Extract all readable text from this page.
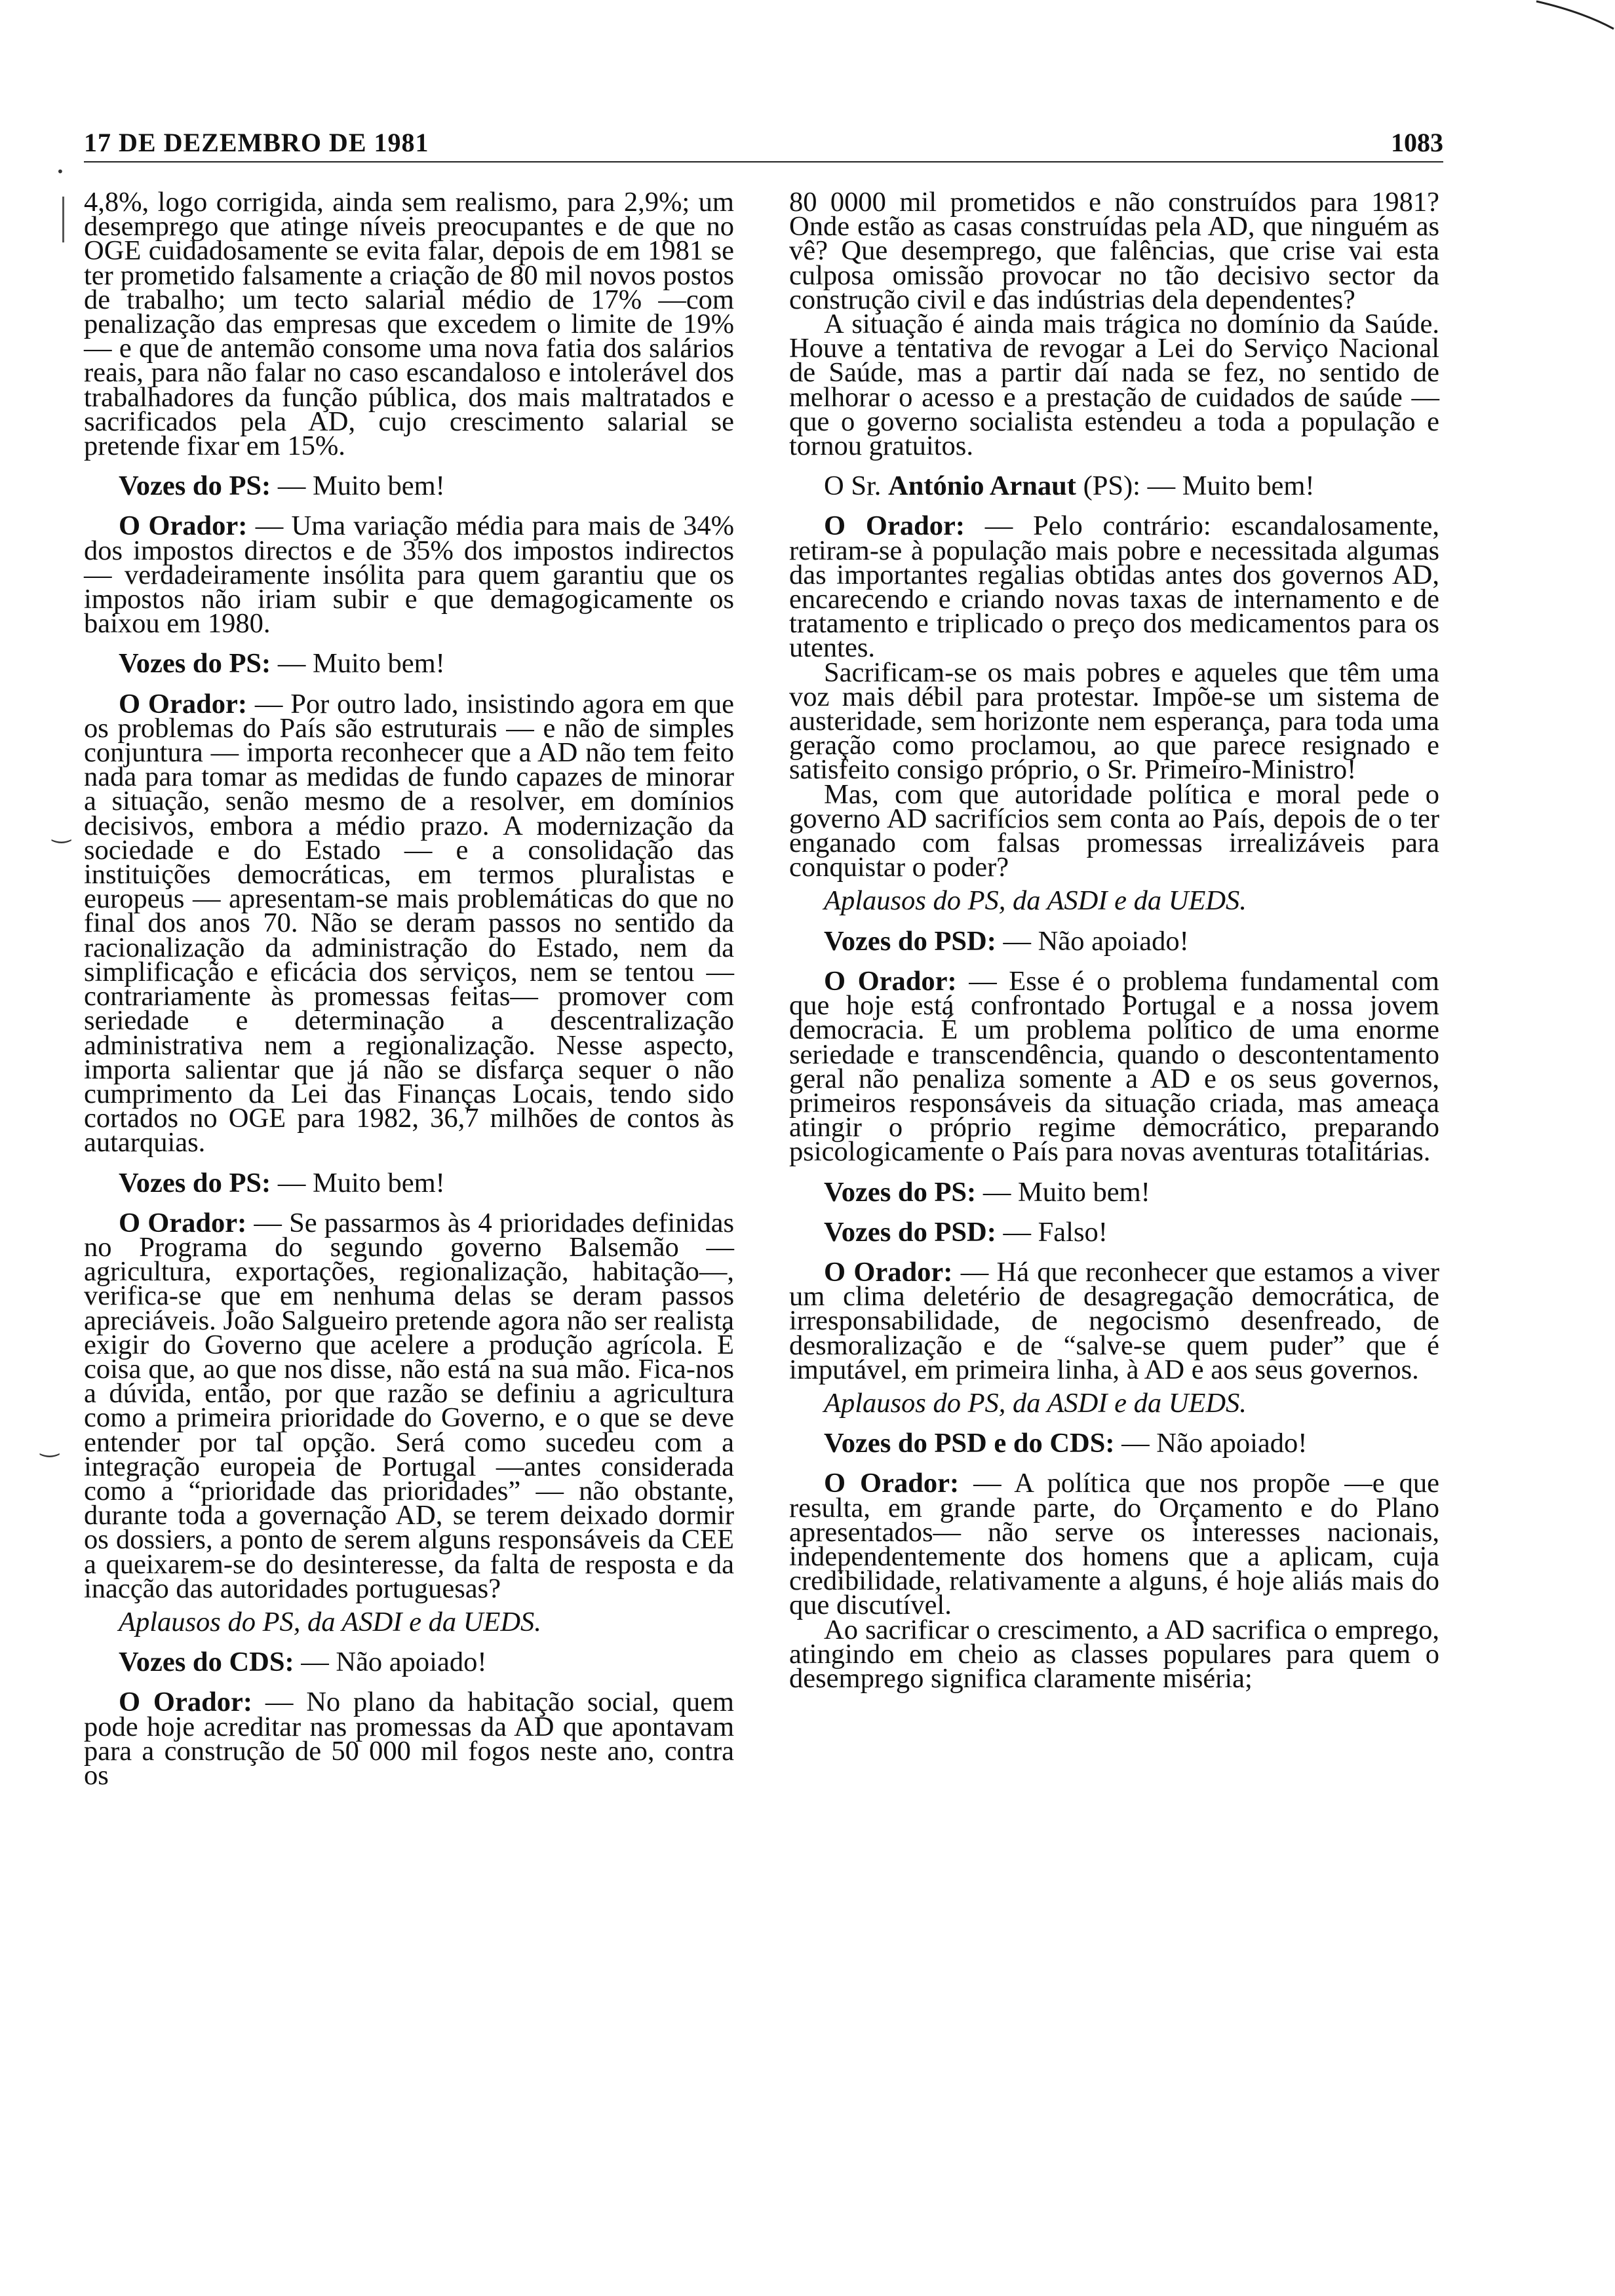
•
‿
‿
17 DE DEZEMBRO DE 1981	1083

4,8%, logo corrigida, ainda sem realismo, para 2,9%; um desemprego que atinge níveis preocupantes e de que no OGE cuidadosamente se evita falar, depois de em 1981 se ter prometido falsamente a criação de 80 mil novos postos de trabalho; um tecto salarial médio de 17% —com penalização das empresas que excedem o limite de 19%— e que de antemão consome uma nova fatia dos salários reais, para não falar no caso escandaloso e intolerável dos trabalhadores da função pública, dos mais maltratados e sacrificados pela AD, cujo crescimento salarial se pretende fixar em 15%.

Vozes do PS: — Muito bem!

O Orador: — Uma variação média para mais de 34% dos impostos directos e de 35% dos impostos indirectos — verdadeiramente insólita para quem garantiu que os impostos não iriam subir e que demagogicamente os baixou em 1980.

Vozes do PS: — Muito bem!

O Orador: — Por outro lado, insistindo agora em que os problemas do País são estruturais — e não de simples conjuntura — importa reconhecer que a AD não tem feito nada para tomar as medidas de fundo capazes de minorar a situação, senão mesmo de a resolver, em domínios decisivos, embora a médio prazo. A modernização da sociedade e do Estado — e a consolidação das instituições democráticas, em termos pluralistas e europeus — apresentam-se mais problemáticas do que no final dos anos 70. Não se deram passos no sentido da racionalização da administração do Estado, nem da simplificação e eficácia dos serviços, nem se tentou —contrariamente às promessas feitas— promover com seriedade e determinação a descentralização administrativa nem a regionalização. Nesse aspecto, importa salientar que já não se disfarça sequer o não cumprimento da Lei das Finanças Locais, tendo sido cortados no OGE para 1982, 36,7 milhões de contos às autarquias.

Vozes do PS: — Muito bem!

O Orador: — Se passarmos às 4 prioridades definidas no Programa do segundo governo Balsemão —agricultura, exportações, regionalização, habitação—, verifica-se que em nenhuma delas se deram passos apreciáveis. João Salgueiro pretende agora não ser realista exigir do Governo que acelere a produção agrícola. É coisa que, ao que nos disse, não está na sua mão. Fica-nos a dúvida, então, por que razão se definiu a agricultura como a primeira prioridade do Governo, e o que se deve entender por tal opção. Será como sucedeu com a integração europeia de Portugal —antes considerada como a “prioridade das prioridades” — não obstante, durante toda a governação AD, se terem deixado dormir os dossiers, a ponto de serem alguns responsáveis da CEE a queixarem-se do desinteresse, da falta de resposta e da inacção das autoridades portuguesas?

Aplausos do PS, da ASDI e da UEDS.

Vozes do CDS: — Não apoiado!

O Orador: — No plano da habitação social, quem pode hoje acreditar nas promessas da AD que apontavam para a construção de 50 000 mil fogos neste ano, contra os

80 0000 mil prometidos e não construídos para 1981? Onde estão as casas construídas pela AD, que ninguém as vê? Que desemprego, que falências, que crise vai esta culposa omissão provocar no tão decisivo sector da construção civil e das indústrias dela dependentes?

A situação é ainda mais trágica no domínio da Saúde. Houve a tentativa de revogar a Lei do Serviço Nacional de Saúde, mas a partir daí nada se fez, no sentido de melhorar o acesso e a prestação de cuidados de saúde — que o governo socialista estendeu a toda a população e tornou gratuitos.

O Sr. António Arnaut (PS): — Muito bem!

O Orador: — Pelo contrário: escandalosamente, retiram-se à população mais pobre e necessitada algumas das importantes regalias obtidas antes dos governos AD, encarecendo e criando novas taxas de internamento e de tratamento e triplicado o preço dos medicamentos para os utentes.

Sacrificam-se os mais pobres e aqueles que têm uma voz mais débil para protestar. Impõe-se um sistema de austeridade, sem horizonte nem esperança, para toda uma geração como proclamou, ao que parece resignado e satisfeito consigo próprio, o Sr. Primeiro-Ministro!

Mas, com que autoridade política e moral pede o governo AD sacrifícios sem conta ao País, depois de o ter enganado com falsas promessas irrealizáveis para conquistar o poder?

Aplausos do PS, da ASDI e da UEDS.

Vozes do PSD: — Não apoiado!

O Orador: — Esse é o problema fundamental com que hoje está confrontado Portugal e a nossa jovem democracia. É um problema político de uma enorme seriedade e transcendência, quando o descontentamento geral não penaliza somente a AD e os seus governos, primeiros responsáveis da situação criada, mas ameaça atingir o próprio regime democrático, preparando psicologicamente o País para novas aventuras totalitárias.

Vozes do PS: — Muito bem!

Vozes do PSD: — Falso!

O Orador: — Há que reconhecer que estamos a viver um clima deletério de desagregação democrática, de irresponsabilidade, de negocismo desenfreado, de desmoralização e de “salve-se quem puder” que é imputável, em primeira linha, à AD e aos seus governos.

Aplausos do PS, da ASDI e da UEDS.

Vozes do PSD e do CDS: — Não apoiado!

O Orador: — A política que nos propõe —e que resulta, em grande parte, do Orçamento e do Plano apresentados— não serve os interesses nacionais, independentemente dos homens que a aplicam, cuja credibilidade, relativamente a alguns, é hoje aliás mais do que discutível.

Ao sacrificar o crescimento, a AD sacrifica o emprego, atingindo em cheio as classes populares para quem o desemprego significa claramente miséria;
